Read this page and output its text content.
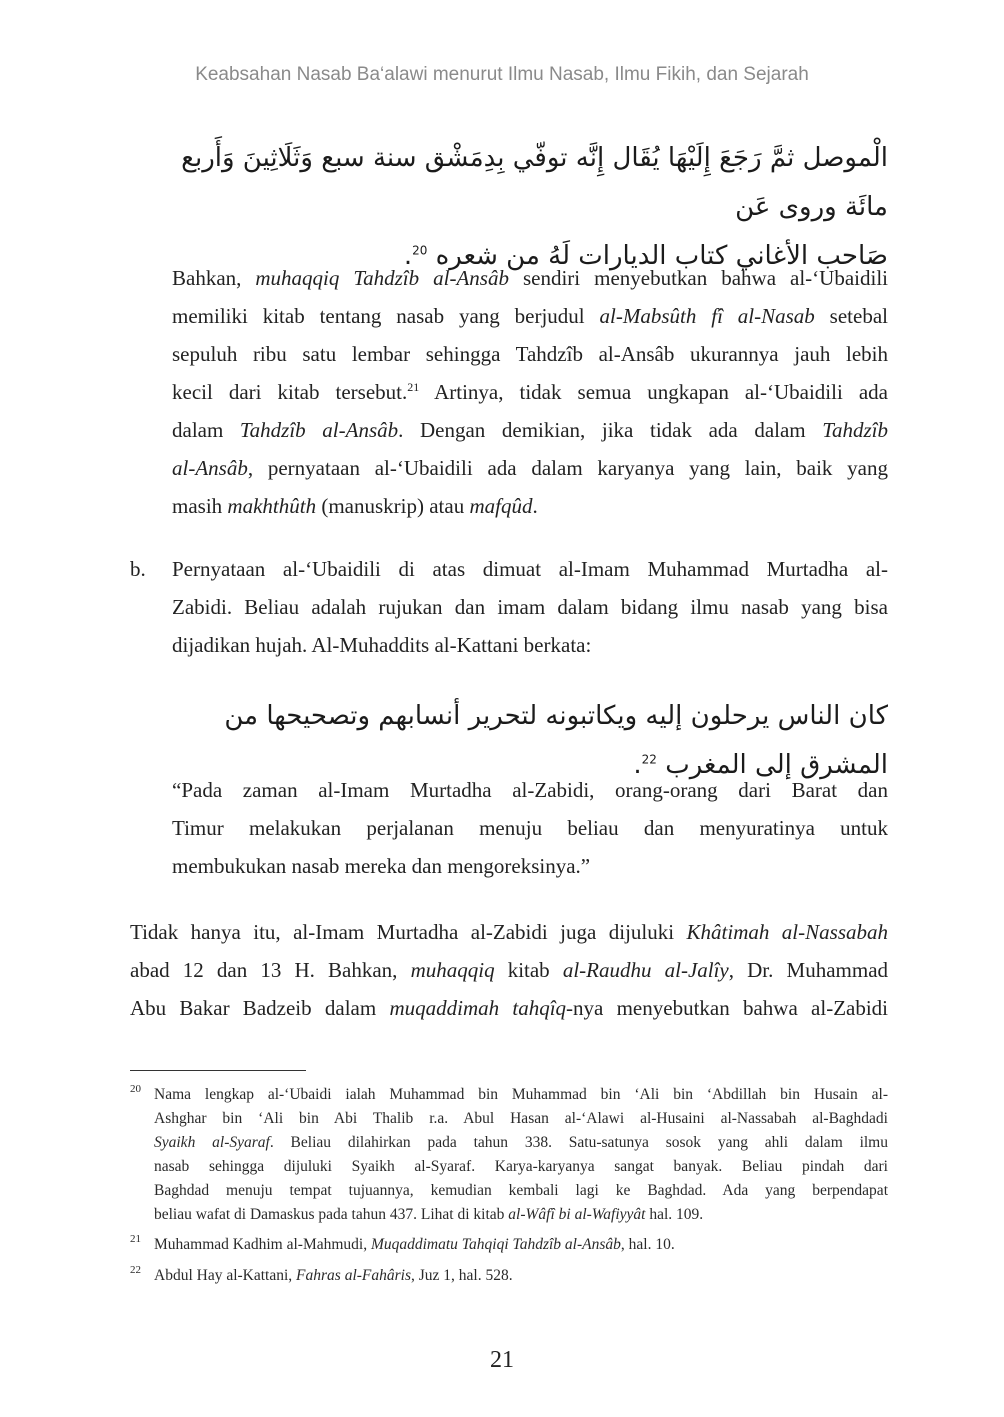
Keabsahan Nasab Ba‘alawi menurut Ilmu Nasab, Ilmu Fikih, dan Sejarah
الْموصل ثمَّ رَجَعَ إِلَيْهَا يُقَال إِنَّه توفّي بِدِمَشْق سنة سبع وَثَلَاثِينَ وَأَربع مائَة وروى عَن
صَاحب الأغاني كتاب الديارات لَهُ من شعره $^{20}$.
Bahkan, muhaqqiq Tahdzîb al-Ansâb sendiri menyebutkan bahwa al-‘Ubaidili
memiliki kitab tentang nasab yang berjudul al-Mabsûth fî al-Nasab setebal
sepuluh ribu satu lembar sehingga Tahdzîb al-Ansâb ukurannya jauh lebih
kecil dari kitab tersebut.$^{21}$ Artinya, tidak semua ungkapan al-‘Ubaidili ada
dalam Tahdzîb al-Ansâb. Dengan demikian, jika tidak ada dalam Tahdzîb
al-Ansâb, pernyataan al-‘Ubaidili ada dalam karyanya yang lain, baik yang
masih makhthûth (manuskrip) atau mafqûd.
b. Pernyataan al-‘Ubaidili di atas dimuat al-Imam Muhammad Murtadha al-
Zabidi. Beliau adalah rujukan dan imam dalam bidang ilmu nasab yang bisa
dijadikan hujah. Al-Muhaddits al-Kattani berkata:
كان الناس يرحلون إليه ويكاتبونه لتحرير أنسابهم وتصحيحها من المشرق إلى المغرب $^{22}$.
“Pada zaman al-Imam Murtadha al-Zabidi, orang-orang dari Barat dan
Timur melakukan perjalanan menuju beliau dan menyuratinya untuk
membukukan nasab mereka dan mengoreksinya.”
Tidak hanya itu, al-Imam Murtadha al-Zabidi juga dijuluki Khâtimah al-Nassabah
abad 12 dan 13 H. Bahkan, muhaqqiq kitab al-Raudhu al-Jalîy, Dr. Muhammad
Abu Bakar Badzeib dalam muqaddimah tahqîq-nya menyebutkan bahwa al-Zabidi
20 Nama lengkap al-‘Ubaidi ialah Muhammad bin Muhammad bin ‘Ali bin ‘Abdillah bin Husain al-
Ashghar bin ‘Ali bin Abi Thalib r.a. Abul Hasan al-‘Alawi al-Husaini al-Nassabah al-Baghdadi
Syaikh al-Syaraf. Beliau dilahirkan pada tahun 338. Satu-satunya sosok yang ahli dalam ilmu
nasab sehingga dijuluki Syaikh al-Syaraf. Karya-karyanya sangat banyak. Beliau pindah dari
Baghdad menuju tempat tujuannya, kemudian kembali lagi ke Baghdad. Ada yang berpendapat
beliau wafat di Damaskus pada tahun 437. Lihat di kitab al-Wâfî bi al-Wafiyyât hal. 109.
21 Muhammad Kadhim al-Mahmudi, Muqaddimatu Tahqiqi Tahdzîb al-Ansâb, hal. 10.
22 Abdul Hay al-Kattani, Fahras al-Fahâris, Juz 1, hal. 528.
21
